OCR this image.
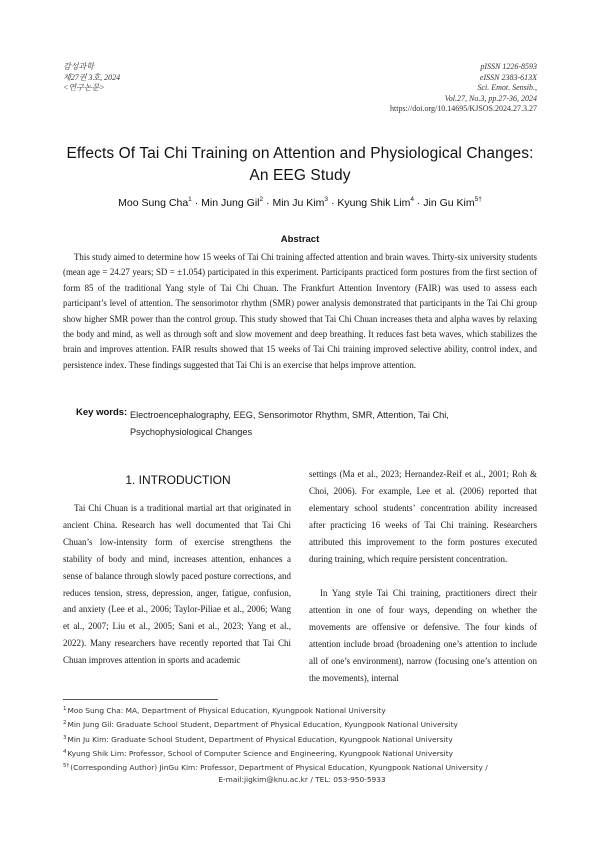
감성과학
제27권 3호, 2024
<연구논문>
pISSN 1226-8593
eISSN 2383-613X
Sci. Emot. Sensib.,
Vol.27, No.3, pp.27-36, 2024
https://doi.org/10.14695/KJSOS.2024.27.3.27
Effects Of Tai Chi Training on Attention and Physiological Changes:
An EEG Study
Moo Sung Cha$^1$ · Min Jung Gil$^2$ · Min Ju Kim$^3$ · Kyung Shik Lim$^4$ · Jin Gu Kim$^{5\dagger}$
Abstract

This study aimed to determine how 15 weeks of Tai Chi training affected attention and brain waves. Thirty-six university students (mean age = 24.27 years; SD = ±1.054) participated in this experiment. Participants practiced form postures from the first section of form 85 of the traditional Yang style of Tai Chi Chuan. The Frankfurt Attention Inventory (FAIR) was used to assess each participant’s level of attention. The sensorimotor rhythm (SMR) power analysis demonstrated that participants in the Tai Chi group show higher SMR power than the control group. This study showed that Tai Chi Chuan increases theta and alpha waves by relaxing the body and mind, as well as through soft and slow movement and deep breathing. It reduces fast beta waves, which stabilizes the brain and improves attention. FAIR results showed that 15 weeks of Tai Chi training improved selective ability, control index, and persistence index. These findings suggested that Tai Chi is an exercise that helps improve attention.

Key words: Electroencephalography, EEG, Sensorimotor Rhythm, SMR, Attention, Tai Chi, Psychophysiological Changes
1. INTRODUCTION

Tai Chi Chuan is a traditional martial art that originated in ancient China. Research has well documented that Tai Chi Chuan’s low-intensity form of exercise strengthens the stability of body and mind, increases attention, enhances a sense of balance through slowly paced posture corrections, and reduces tension, stress, depression, anger, fatigue, confusion, and anxiety (Lee et al., 2006; Taylor-Piliae et al., 2006; Wang et al., 2007; Liu et al., 2005; Sani et al., 2023; Yang et al., 2022). Many researchers have recently reported that Tai Chi Chuan improves attention in sports and academic

settings (Ma et al., 2023; Hernandez-Reif et al., 2001; Roh & Choi, 2006). For example, Lee et al. (2006) reported that elementary school students’ concentration ability increased after practicing 16 weeks of Tai Chi training. Researchers attributed this improvement to the form postures executed during training, which require persistent concentration.

In Yang style Tai Chi training, practitioners direct their attention in one of four ways, depending on whether the movements are offensive or defensive. The four kinds of attention include broad (broadening one’s attention to include all of one’s environment), narrow (focusing one’s attention on the movements), internal

$^1$Moo Sung Cha: MA, Department of Physical Education, Kyungpook National University
$^2$Min Jung Gil: Graduate School Student, Department of Physical Education, Kyungpook National University
$^3$Min Ju Kim: Graduate School Student, Department of Physical Education, Kyungpook National University
$^4$Kyung Shik Lim: Professor, School of Computer Science and Engineering, Kyungpook National University
$^{5\dagger}$(Corresponding Author) JinGu Kim: Professor, Department of Physical Education, Kyungpook National University /
E-mail:jigkim@knu.ac.kr / TEL: 053-950-5933
